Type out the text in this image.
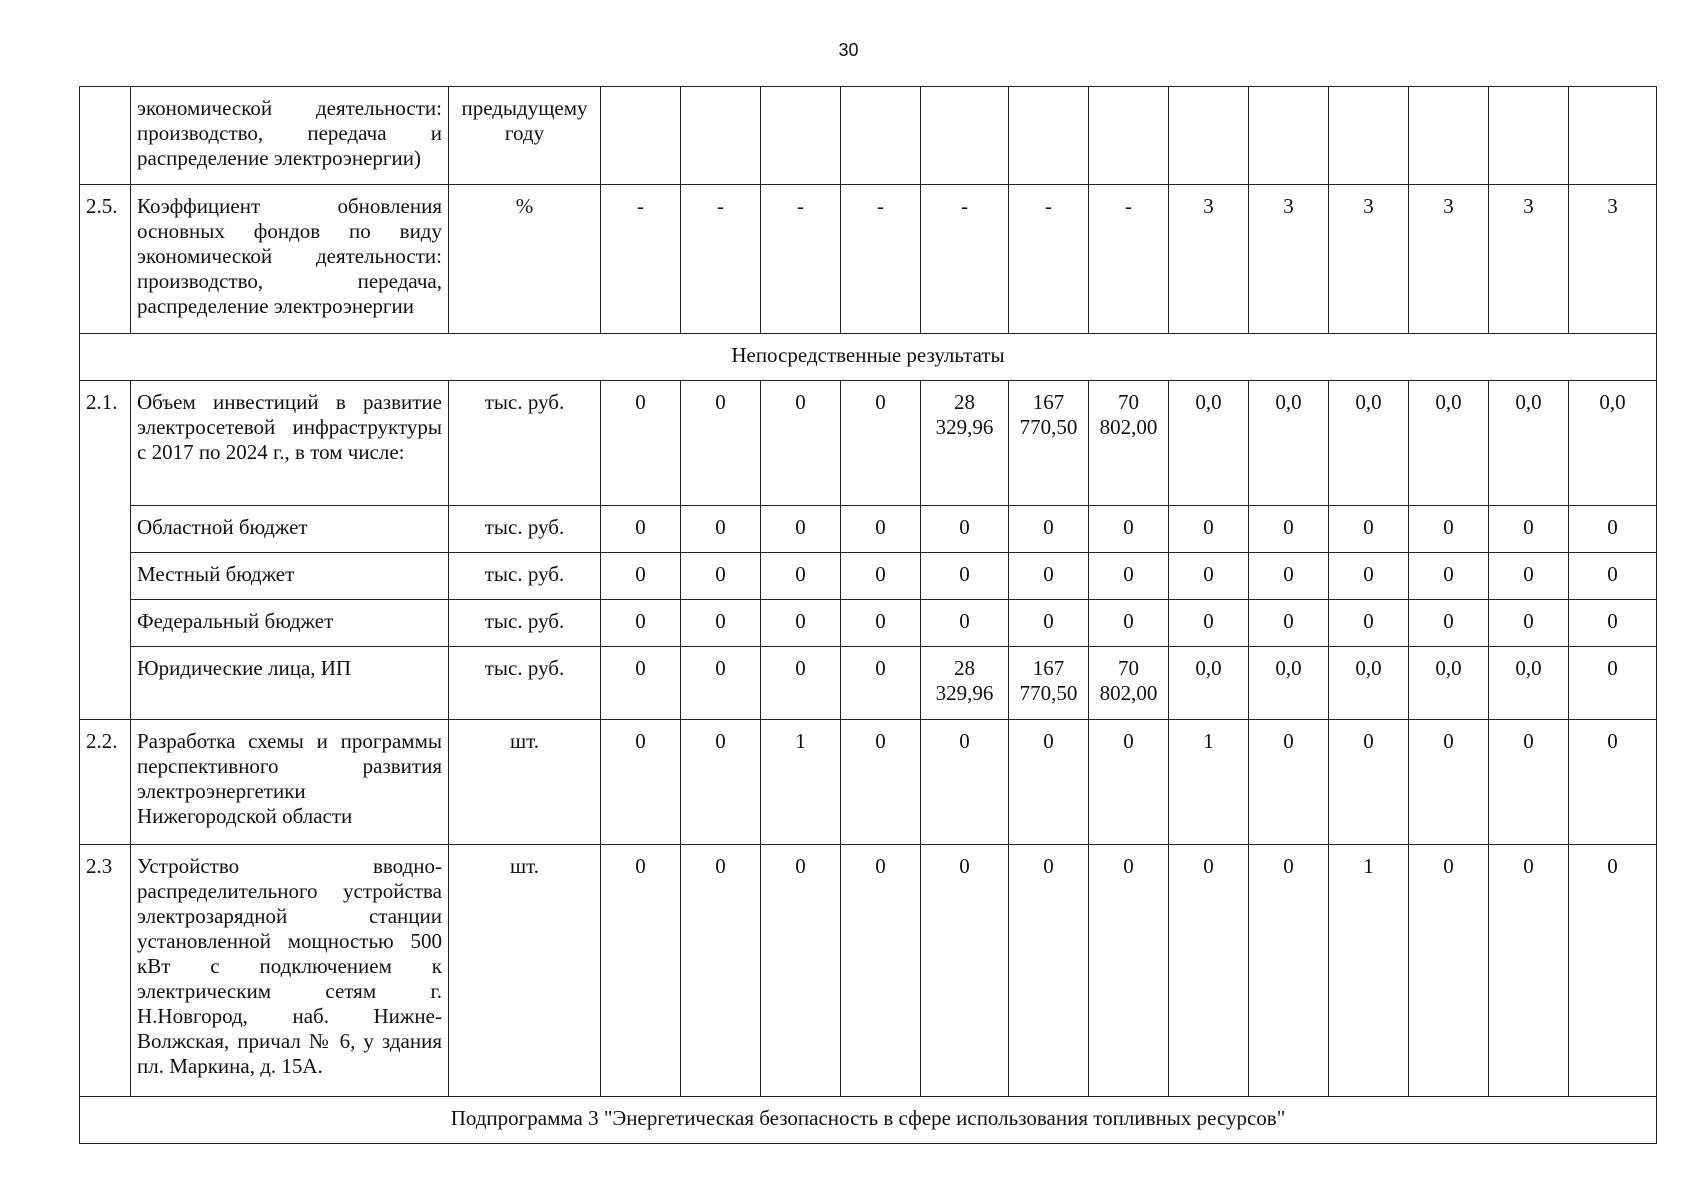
30
	экономической деятельности: производство, передача и распределение электроэнергии)	предыдущему году													
2.5.	Коэффициент обновления основных фондов по виду экономической деятельности: производство, передача, распределение электроэнергии	%	-	-	-	-	-	-	-	3	3	3	3	3	3
Непосредственные результаты															
2.1.	Объем инвестиций в развитие электросетевой инфраструктуры с 2017 по 2024 г., в том числе:	тыс. руб.	0	0	0	0	28 329,96	167 770,50	70 802,00	0,0	0,0	0,0	0,0	0,0	0,0
	Областной бюджет	тыс. руб.	0	0	0	0	0	0	0	0	0	0	0	0	0
	Местный бюджет	тыс. руб.	0	0	0	0	0	0	0	0	0	0	0	0	0
	Федеральный бюджет	тыс. руб.	0	0	0	0	0	0	0	0	0	0	0	0	0
	Юридические лица, ИП	тыс. руб.	0	0	0	0	28 329,96	167 770,50	70 802,00	0,0	0,0	0,0	0,0	0,0	0
2.2.	Разработка схемы и программы перспективного развития электроэнергетики Нижегородской области	шт.	0	0	1	0	0	0	0	1	0	0	0	0	0
2.3	Устройство вводно-распределительного устройства электрозарядной станции установленной мощностью 500 кВт с подключением к электрическим сетям г. Н.Новгород, наб. Нижне-Волжская, причал № 6, у здания пл. Маркина, д. 15А.	шт.	0	0	0	0	0	0	0	0	0	1	0	0	0
Подпрограмма 3 "Энергетическая безопасность в сфере использования топливных ресурсов"															
